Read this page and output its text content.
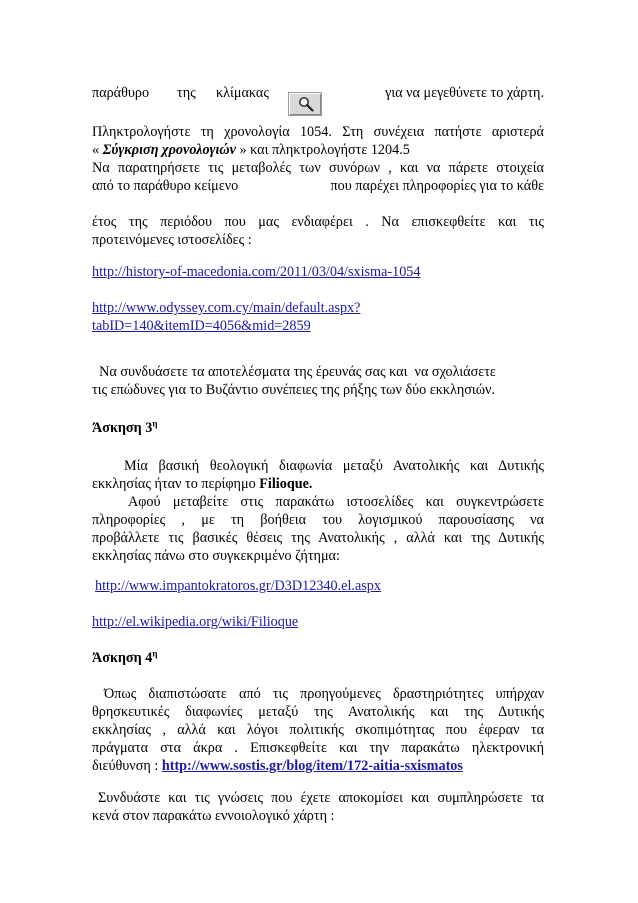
παράθυρο της κλίμακας	για να μεγεθύνετε το χάρτη.
Πληκτρολογήστε τη χρονολογία 1054. Στη συνέχεια πατήστε αριστερά
« Σύγκριση χρονολογιών » και πληκτρολογήστε 1204.5
Να παρατηρήσετε τις μεταβολές των συνόρων , και να πάρετε στοιχεία
από το παράθυρο κείμενο	που παρέχει πληροφορίες για το κάθε
έτος της περιόδου που μας ενδιαφέρει . Να επισκεφθείτε και τις
προτεινόμενες ιστοσελίδες :
http://history-of-macedonia.com/2011/03/04/sxisma-1054
http://www.odyssey.com.cy/main/default.aspx?
tabID=140&itemID=4056&mid=2859
Να συνδυάσετε τα αποτελέσματα της έρευνάς σας και  να σχολιάσετε
τις επώδυνες για το Βυζάντιο συνέπειες της ρήξης των δύο εκκλησιών.
Άσκηση $3^\eta$
Μία βασική θεολογική διαφωνία μεταξύ Ανατολικής και Δυτικής
εκκλησίας ήταν το περίφημο Filioque.
Αφού μεταβείτε στις παρακάτω ιστοσελίδες και συγκεντρώσετε
πληροφορίες , με τη βοήθεια του λογισμικού παρουσίασης να
προβάλλετε τις βασικές θέσεις της Ανατολικής , αλλά και της Δυτικής
εκκλησίας πάνω στο συγκεκριμένο ζήτημα:
http://www.impantokratoros.gr/D3D12340.el.aspx
http://el.wikipedia.org/wiki/Filioque
Άσκηση $4^\eta$
Όπως διαπιστώσατε από τις προηγούμενες δραστηριότητες υπήρχαν
θρησκευτικές διαφωνίες μεταξύ της Ανατολικής και της Δυτικής
εκκλησίας , αλλά και λόγοι πολιτικής σκοπιμότητας που έφεραν τα
πράγματα στα άκρα . Επισκεφθείτε και την παρακάτω ηλεκτρονική
διεύθυνση : http://www.sostis.gr/blog/item/172-aitia-sxismatos
Συνδυάστε και τις γνώσεις που έχετε αποκομίσει και συμπληρώσετε τα
κενά στον παρακάτω εννοιολογικό χάρτη :
